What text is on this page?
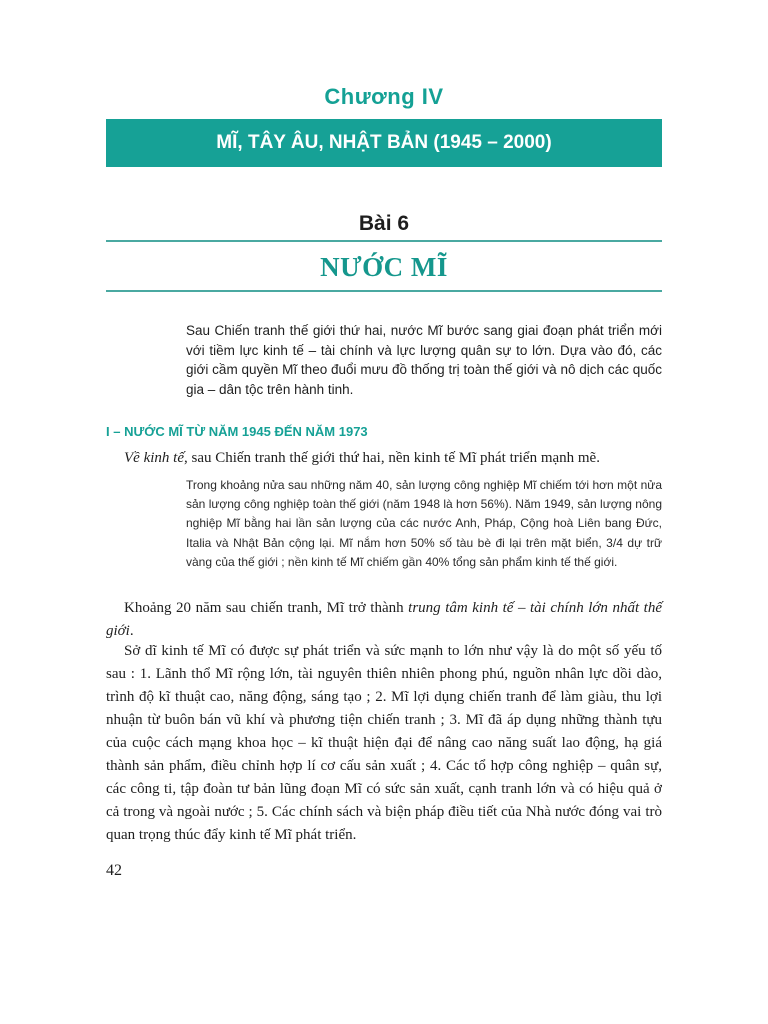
Chương IV
MĨ, TÂY ÂU, NHẬT BẢN (1945 – 2000)
Bài 6
NƯỚC MĨ

Sau Chiến tranh thế giới thứ hai, nước Mĩ bước sang giai đoạn phát triển mới với tiềm lực kinh tế – tài chính và lực lượng quân sự to lớn. Dựa vào đó, các giới cầm quyền Mĩ theo đuổi mưu đồ thống trị toàn thế giới và nô dịch các quốc gia – dân tộc trên hành tinh.

I – NƯỚC MĨ TỪ NĂM 1945 ĐẾN NĂM 1973

Về kinh tế, sau Chiến tranh thế giới thứ hai, nền kinh tế Mĩ phát triển mạnh mẽ.

Trong khoảng nửa sau những năm 40, sản lượng công nghiệp Mĩ chiếm tới hơn một nửa sản lượng công nghiệp toàn thế giới (năm 1948 là hơn 56%). Năm 1949, sản lượng nông nghiệp Mĩ bằng hai lần sản lượng của các nước Anh, Pháp, Cộng hoà Liên bang Đức, Italia và Nhật Bản cộng lại. Mĩ nắm hơn 50% số tàu bè đi lại trên mặt biển, 3/4 dự trữ vàng của thế giới ; nền kinh tế Mĩ chiếm gần 40% tổng sản phẩm kinh tế thế giới.

Khoảng 20 năm sau chiến tranh, Mĩ trở thành trung tâm kinh tế – tài chính lớn nhất thế giới.

Sở dĩ kinh tế Mĩ có được sự phát triển và sức mạnh to lớn như vậy là do một số yếu tố sau : 1. Lãnh thổ Mĩ rộng lớn, tài nguyên thiên nhiên phong phú, nguồn nhân lực dồi dào, trình độ kĩ thuật cao, năng động, sáng tạo ; 2. Mĩ lợi dụng chiến tranh để làm giàu, thu lợi nhuận từ buôn bán vũ khí và phương tiện chiến tranh ; 3. Mĩ đã áp dụng những thành tựu của cuộc cách mạng khoa học – kĩ thuật hiện đại để nâng cao năng suất lao động, hạ giá thành sản phẩm, điều chỉnh hợp lí cơ cấu sản xuất ; 4. Các tổ hợp công nghiệp – quân sự, các công ti, tập đoàn tư bản lũng đoạn Mĩ có sức sản xuất, cạnh tranh lớn và có hiệu quả ở cả trong và ngoài nước ; 5. Các chính sách và biện pháp điều tiết của Nhà nước đóng vai trò quan trọng thúc đẩy kinh tế Mĩ phát triển.

42
